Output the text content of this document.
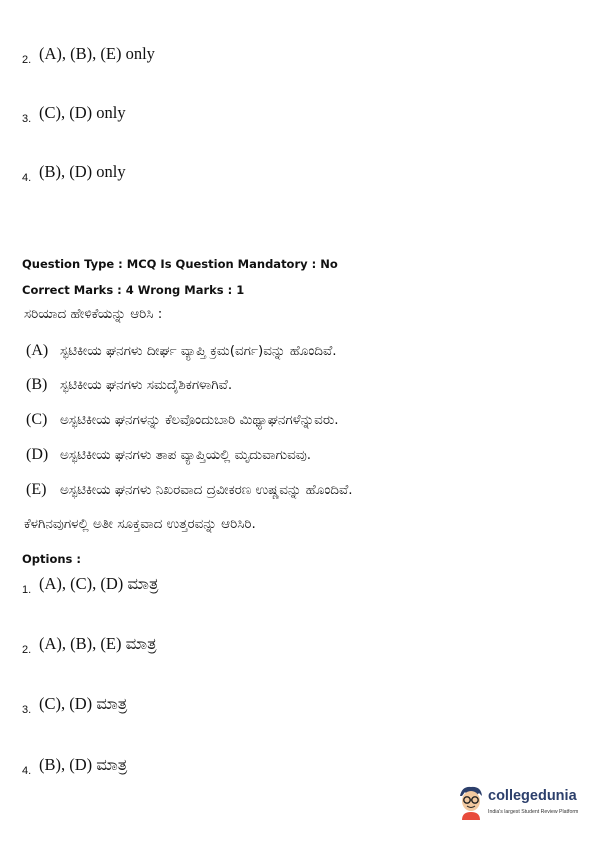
2. (A), (B), (E) only
3. (C), (D) only
4. (B), (D) only
Question Type : MCQ Is Question Mandatory : No
Correct Marks : 4 Wrong Marks : 1
ಸರಿಯಾದ ಹೇಳಿಕೆಯನ್ನು ಆರಿಸಿ :
(A) ಸ್ಫಟಿಕೀಯ ಘನಗಳು ದೀರ್ಘ ವ್ಯಾಪ್ತಿ ಕ್ರಮ(ವರ್ಗ)ವನ್ನು ಹೊಂದಿವೆ.
(B) ಸ್ಫಟಿಕೀಯ ಘನಗಳು ಸಮದೈಶಿಕಗಳಾಗಿವೆ.
(C) ಅಸ್ಫಟಿಕೀಯ ಘನಗಳನ್ನು ಕೆಲವೊಂದುಬಾರಿ ಮಿಥ್ಯಾಘನಗಳೆನ್ನುವರು.
(D) ಅಸ್ಫಟಿಕೀಯ ಘನಗಳು ತಾಪ ವ್ಯಾಪ್ತಿಯಲ್ಲಿ ಮೃದುವಾಗುವವು.
(E)	ಅಸ್ಫಟಿಕೀಯ ಘನಗಳು ನಿಖರವಾದ ದ್ರವೀಕರಣ ಉಷ್ಣವನ್ನು ಹೊಂದಿವೆ.
ಕೆಳಗಿನವುಗಳಲ್ಲಿ ಅತೀ ಸೂಕ್ತವಾದ ಉತ್ತರವನ್ನು ಆರಿಸಿರಿ.
Options :
1. (A), (C), (D) ಮಾತ್ರ
2. (A), (B), (E) ಮಾತ್ರ
3. (C), (D) ಮಾತ್ರ
4. (B), (D) ಮಾತ್ರ
collegedunia
India's largest Student Review Platform
